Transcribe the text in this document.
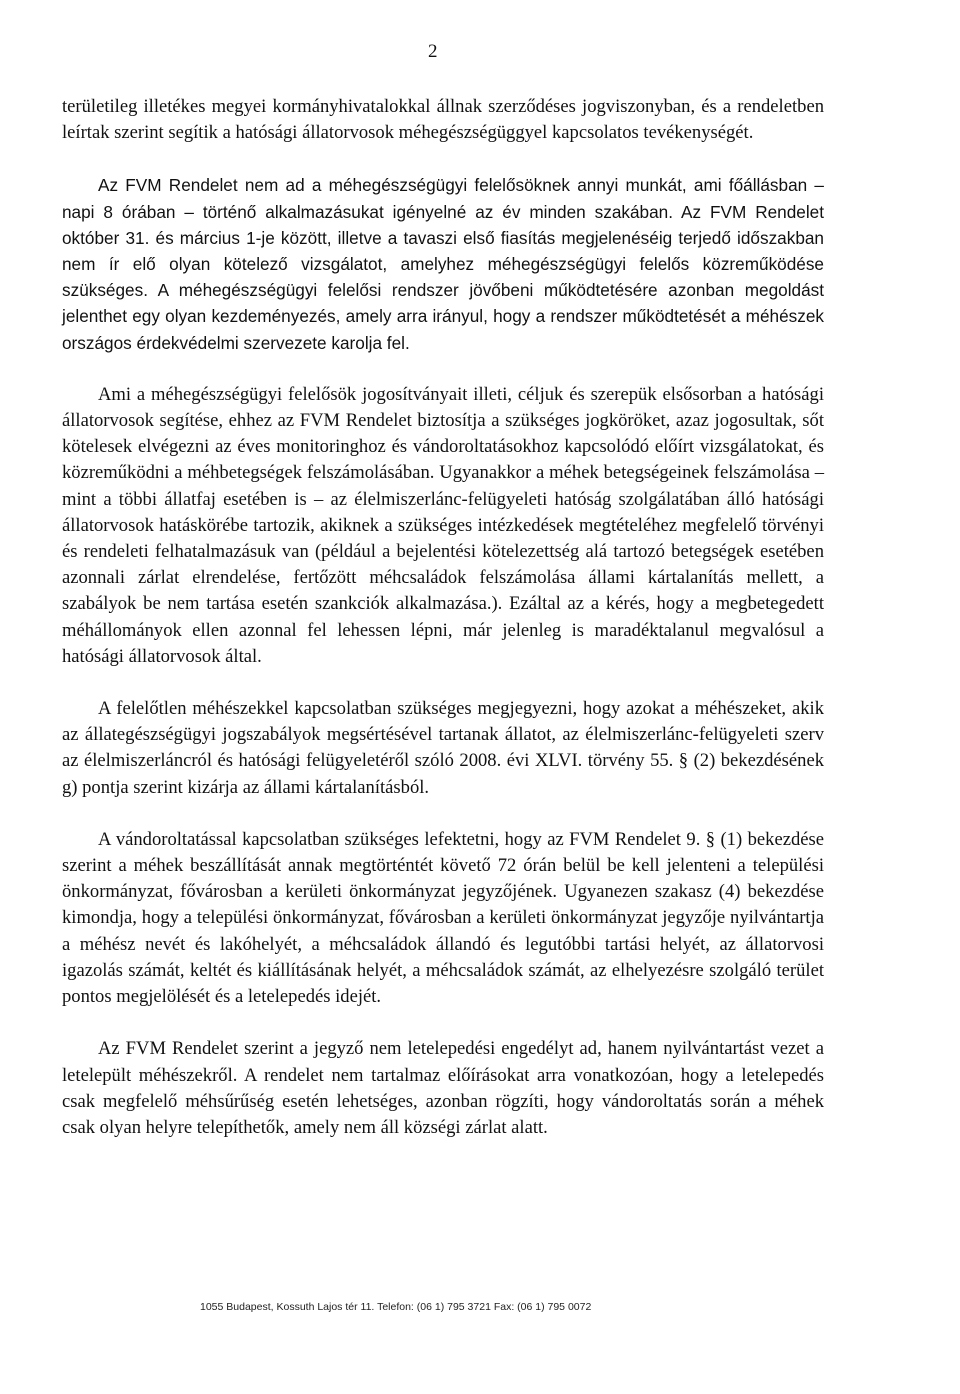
2

területileg illetékes megyei kormányhivatalokkal állnak szerződéses jogviszonyban, és a rendeletben leírtak szerint segítik a hatósági állatorvosok méhegészségüggyel kapcsolatos tevékenységét.

Az FVM Rendelet nem ad a méhegészségügyi felelősöknek annyi munkát, ami főállásban – napi 8 órában – történő alkalmazásukat igényelné az év minden szakában. Az FVM Rendelet október 31. és március 1-je között, illetve a tavaszi első fiasítás megjelenéséig terjedő időszakban nem ír elő olyan kötelező vizsgálatot, amelyhez méhegészségügyi felelős közreműködése szükséges. A méhegészségügyi felelősi rendszer jövőbeni működtetésére azonban megoldást jelenthet egy olyan kezdeményezés, amely arra irányul, hogy a rendszer működtetését a méhészek országos érdekvédelmi szervezete karolja fel.

Ami a méhegészségügyi felelősök jogosítványait illeti, céljuk és szerepük elsősorban a hatósági állatorvosok segítése, ehhez az FVM Rendelet biztosítja a szükséges jogköröket, azaz jogosultak, sőt kötelesek elvégezni az éves monitoringhoz és vándoroltatásokhoz kapcsolódó előírt vizsgálatokat, és közreműködni a méhbetegségek felszámolásában. Ugyanakkor a méhek betegségeinek felszámolása – mint a többi állatfaj esetében is – az élelmiszerlánc-felügyeleti hatóság szolgálatában álló hatósági állatorvosok hatáskörébe tartozik, akiknek a szükséges intézkedések megtételéhez megfelelő törvényi és rendeleti felhatalmazásuk van (például a bejelentési kötelezettség alá tartozó betegségek esetében azonnali zárlat elrendelése, fertőzött méhcsaládok felszámolása állami kártalanítás mellett, a szabályok be nem tartása esetén szankciók alkalmazása.). Ezáltal az a kérés, hogy a megbetegedett méhállományok ellen azonnal fel lehessen lépni, már jelenleg is maradéktalanul megvalósul a hatósági állatorvosok által.

A felelőtlen méhészekkel kapcsolatban szükséges megjegyezni, hogy azokat a méhészeket, akik az állategészségügyi jogszabályok megsértésével tartanak állatot, az élelmiszerlánc-felügyeleti szerv az élelmiszerláncról és hatósági felügyeletéről szóló 2008. évi XLVI. törvény 55. § (2) bekezdésének g) pontja szerint kizárja az állami kártalanításból.

A vándoroltatással kapcsolatban szükséges lefektetni, hogy az FVM Rendelet 9. § (1) bekezdése szerint a méhek beszállítását annak megtörténtét követő 72 órán belül be kell jelenteni a települési önkormányzat, fővárosban a kerületi önkormányzat jegyzőjének. Ugyanezen szakasz (4) bekezdése kimondja, hogy a települési önkormányzat, fővárosban a kerületi önkormányzat jegyzője nyilvántartja a méhész nevét és lakóhelyét, a méhcsaládok állandó és legutóbbi tartási helyét, az állatorvosi igazolás számát, keltét és kiállításának helyét, a méhcsaládok számát, az elhelyezésre szolgáló terület pontos megjelölését és a letelepedés idejét.

Az FVM Rendelet szerint a jegyző nem letelepedési engedélyt ad, hanem nyilvántartást vezet a letelepült méhészekről. A rendelet nem tartalmaz előírásokat arra vonatkozóan, hogy a letelepedés csak megfelelő méhsűrűség esetén lehetséges, azonban rögzíti, hogy vándoroltatás során a méhek csak olyan helyre telepíthetők, amely nem áll községi zárlat alatt.

1055 Budapest, Kossuth Lajos tér 11. Telefon: (06 1) 795 3721 Fax: (06 1) 795 0072
